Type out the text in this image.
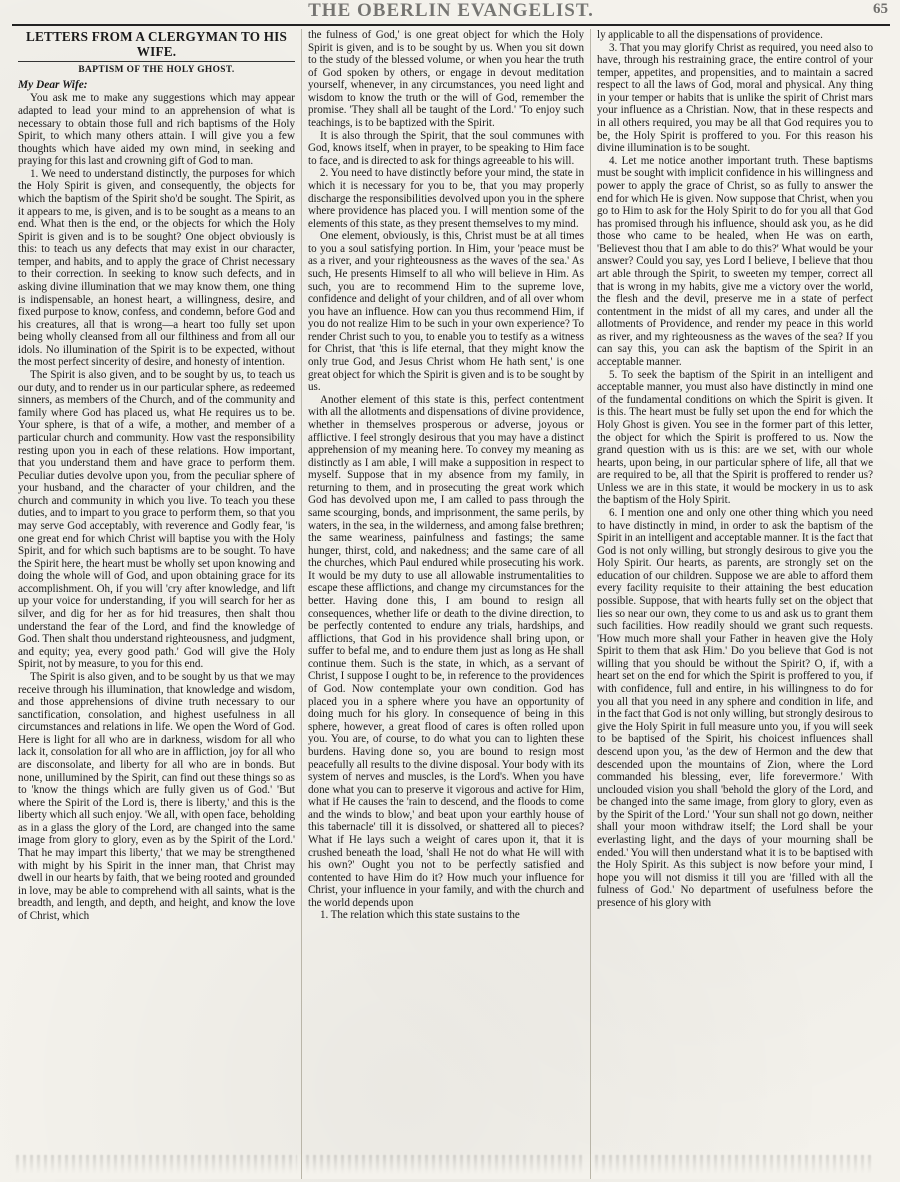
THE OBERLIN EVANGELIST.	65
LETTERS FROM A CLERGYMAN TO HIS WIFE.
BAPTISM OF THE HOLY GHOST.
My Dear Wife:

You ask me to make any suggestions which may appear adapted to lead your mind to an apprehension of what is necessary to obtain those full and rich baptisms of the Holy Spirit, to which many others attain. I will give you a few thoughts which have aided my own mind, in seeking and praying for this last and crowning gift of God to man.

1. We need to understand distinctly, the purposes for which the Holy Spirit is given, and consequently, the objects for which the baptism of the Spirit sho'd be sought. The Spirit, as it appears to me, is given, and is to be sought as a means to an end. What then is the end, or the objects for which the Holy Spirit is given and is to be sought? One object obviously is this: to teach us any defects that may exist in our character, temper, and habits, and to apply the grace of Christ necessary to their correction. In seeking to know such defects, and in asking divine illumination that we may know them, one thing is indispensable, an honest heart, a willingness, desire, and fixed purpose to know, confess, and condemn, before God and his creatures, all that is wrong—a heart too fully set upon being wholly cleansed from all our filthiness and from all our idols. No illumination of the Spirit is to be expected, without the most perfect sincerity of desire, and honesty of intention.

The Spirit is also given, and to be sought by us, to teach us our duty, and to render us in our particular sphere, as redeemed sinners, as members of the Church, and of the community and family where God has placed us, what He requires us to be. Your sphere, is that of a wife, a mother, and member of a particular church and community. How vast the responsibility resting upon you in each of these relations. How important, that you understand them and have grace to perform them. Peculiar duties devolve upon you, from the peculiar sphere of your husband, and the character of your children, and the church and community in which you live. To teach you these duties, and to impart to you grace to perform them, so that you may serve God acceptably, with reverence and Godly fear, 'is one great end for which Christ will baptise you with the Holy Spirit, and for which such baptisms are to be sought. To have the Spirit here, the heart must be wholly set upon knowing and doing the whole will of God, and upon obtaining grace for its accomplishment. Oh, if you will 'cry after knowledge, and lift up your voice for understanding, if you will search for her as silver, and dig for her as for hid treasures, then shalt thou understand the fear of the Lord, and find the knowledge of God. Then shalt thou understand righteousness, and judgment, and equity; yea, every good path.' God will give the Holy Spirit, not by measure, to you for this end.

The Spirit is also given, and to be sought by us that we may receive through his illumination, that knowledge and wisdom, and those apprehensions of divine truth necessary to our sanctification, consolation, and highest usefulness in all circumstances and relations in life. We open the Word of God. Here is light for all who are in darkness, wisdom for all who lack it, consolation for all who are in affliction, joy for all who are disconsolate, and liberty for all who are in bonds. But none, unillumined by the Spirit, can find out these things so as to 'know the things which are fully given us of God.' 'But where the Spirit of the Lord is, there is liberty,' and this is the liberty which all such enjoy. 'We all, with open face, beholding as in a glass the glory of the Lord, are changed into the same image from glory to glory, even as by the Spirit of the Lord.' That he may impart this liberty,' that we may be strengthened with might by his Spirit in the inner man, that Christ may dwell in our hearts by faith, that we being rooted and grounded in love, may be able to comprehend with all saints, what is the breadth, and length, and depth, and height, and know the love of Christ, which

the fulness of God,' is one great object for which the Holy Spirit is given, and is to be sought by us. When you sit down to the study of the blessed volume, or when you hear the truth of God spoken by others, or engage in devout meditation yourself, whenever, in any circumstances, you need light and wisdom to know the truth or the will of God, remember the promise. 'They shall all be taught of the Lord.' 'To enjoy such teachings, is to be baptized with the Spirit.

It is also through the Spirit, that the soul communes with God, knows itself, when in prayer, to be speaking to Him face to face, and is directed to ask for things agreeable to his will.

2. You need to have distinctly before your mind, the state in which it is necessary for you to be, that you may properly discharge the responsibilities devolved upon you in the sphere where providence has placed you. I will mention some of the elements of this state, as they present themselves to my mind.

One element, obviously, is this, Christ must be at all times to you a soul satisfying portion. In Him, your 'peace must be as a river, and your righteousness as the waves of the sea.' As such, He presents Himself to all who will believe in Him. As such, you are to recommend Him to the supreme love, confidence and delight of your children, and of all over whom you have an influence. How can you thus recommend Him, if you do not realize Him to be such in your own experience? To render Christ such to you, to enable you to testify as a witness for Christ, that 'this is life eternal, that they might know the only true God, and Jesus Christ whom He hath sent,' is one great object for which the Spirit is given and is to be sought by us.

Another element of this state is this, perfect contentment with all the allotments and dispensations of divine providence, whether in themselves prosperous or adverse, joyous or afflictive. I feel strongly desirous that you may have a distinct apprehension of my meaning here. To convey my meaning as distinctly as I am able, I will make a supposition in respect to myself. Suppose that in my absence from my family, in returning to them, and in prosecuting the great work which God has devolved upon me, I am called to pass through the same scourging, bonds, and imprisonment, the same perils, by waters, in the sea, in the wilderness, and among false brethren; the same weariness, painfulness and fastings; the same hunger, thirst, cold, and nakedness; and the same care of all the churches, which Paul endured while prosecuting his work. It would be my duty to use all allowable instrumentalities to escape these afflictions, and change my circumstances for the better. Having done this, I am bound to resign all consequences, whether life or death to the divine direction, to be perfectly contented to endure any trials, hardships, and afflictions, that God in his providence shall bring upon, or suffer to befal me, and to endure them just as long as He shall continue them. Such is the state, in which, as a servant of Christ, I suppose I ought to be, in reference to the providences of God. Now contemplate your own condition. God has placed you in a sphere where you have an opportunity of doing much for his glory. In consequence of being in this sphere, however, a great flood of cares is often rolled upon you. You are, of course, to do what you can to lighten these burdens. Having done so, you are bound to resign most peacefully all results to the divine disposal. Your body with its system of nerves and muscles, is the Lord's. When you have done what you can to preserve it vigorous and active for Him, what if He causes the 'rain to descend, and the floods to come and the winds to blow,' and beat upon your earthly house of this tabernacle' till it is dissolved, or shattered all to pieces? What if He lays such a weight of cares upon it, that it is crushed beneath the load, 'shall He not do what He will with his own?' Ought you not to be perfectly satisfied and contented to have Him do it? How much your influence for Christ, your influence in your family, and with the church and the world depends upon

1. The relation which this state sustains to the

ly applicable to all the dispensations of providence.

3. That you may glorify Christ as required, you need also to have, through his restraining grace, the entire control of your temper, appetites, and propensities, and to maintain a sacred respect to all the laws of God, moral and physical. Any thing in your temper or habits that is unlike the spirit of Christ mars your influence as a Christian. Now, that in these respects and in all others required, you may be all that God requires you to be, the Holy Spirit is proffered to you. For this reason his divine illumination is to be sought.

4. Let me notice another important truth. These baptisms must be sought with implicit confidence in his willingness and power to apply the grace of Christ, so as fully to answer the end for which He is given. Now suppose that Christ, when you go to Him to ask for the Holy Spirit to do for you all that God has promised through his influence, should ask you, as he did those who came to be healed, when He was on earth, 'Believest thou that I am able to do this?' What would be your answer? Could you say, yes Lord I believe, I believe that thou art able through the Spirit, to sweeten my temper, correct all that is wrong in my habits, give me a victory over the world, the flesh and the devil, preserve me in a state of perfect contentment in the midst of all my cares, and under all the allotments of Providence, and render my peace in this world as river, and my righteousness as the waves of the sea? If you can say this, you can ask the baptism of the Spirit in an acceptable manner.

5. To seek the baptism of the Spirit in an intelligent and acceptable manner, you must also have distinctly in mind one of the fundamental conditions on which the Spirit is given. It is this. The heart must be fully set upon the end for which the Holy Ghost is given. You see in the former part of this letter, the object for which the Spirit is proffered to us. Now the grand question with us is this: are we set, with our whole hearts, upon being, in our particular sphere of life, all that we are required to be, all that the Spirit is proffered to render us? Unless we are in this state, it would be mockery in us to ask the baptism of the Holy Spirit.

6. I mention one and only one other thing which you need to have distinctly in mind, in order to ask the baptism of the Spirit in an intelligent and acceptable manner. It is the fact that God is not only willing, but strongly desirous to give you the Holy Spirit. Our hearts, as parents, are strongly set on the education of our children. Suppose we are able to afford them every facility requisite to their attaining the best education possible. Suppose, that with hearts fully set on the object that lies so near our own, they come to us and ask us to grant them such facilities. How readily should we grant such requests. 'How much more shall your Father in heaven give the Holy Spirit to them that ask Him.' Do you believe that God is not willing that you should be without the Spirit? O, if, with a heart set on the end for which the Spirit is proffered to you, if with confidence, full and entire, in his willingness to do for you all that you need in any sphere and condition in life, and in the fact that God is not only willing, but strongly desirous to give the Holy Spirit in full measure unto you, if you will seek to be baptised of the Spirit, his choicest influences shall descend upon you, 'as the dew of Hermon and the dew that descended upon the mountains of Zion, where the Lord commanded his blessing, ever, life forevermore.' With unclouded vision you shall 'behold the glory of the Lord, and be changed into the same image, from glory to glory, even as by the Spirit of the Lord.' 'Your sun shall not go down, neither shall your moon withdraw itself; the Lord shall be your everlasting light, and the days of your mourning shall be ended.' You will then understand what it is to be baptised with the Holy Spirit. As this subject is now before your mind, I hope you will not dismiss it till you are 'filled with all the fulness of God.' No department of usefulness before the presence of his glory with
